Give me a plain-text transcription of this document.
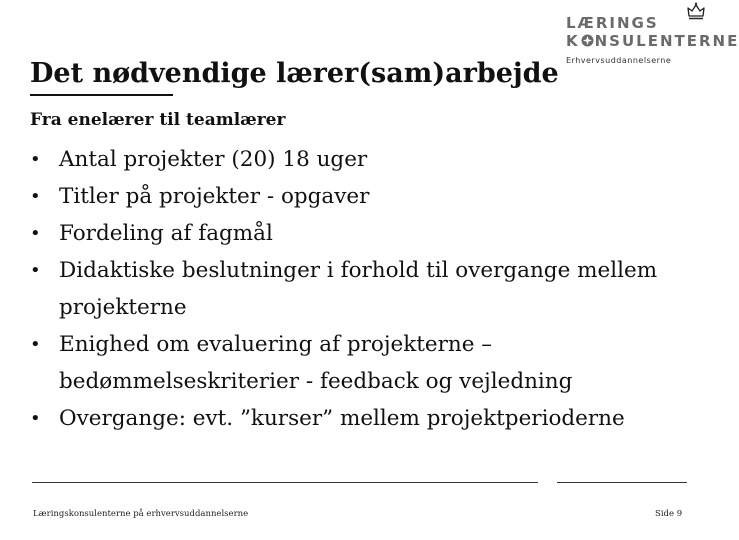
LÆRINGS
K NSULENTERNE
Erhvervsuddannelserne
Det nødvendige lærer(sam)arbejde
Fra enelærer til teamlærer
• Antal projekter (20) 18 uger
• Titler på projekter - opgaver
• Fordeling af fagmål
• Didaktiske beslutninger i forhold til overgange mellem projekterne
• Enighed om evaluering af projekterne – bedømmelseskriterier - feedback og vejledning
• Overgange: evt. ”kurser” mellem projektperioderne
Læringskonsulenterne på erhvervsuddannelserne	Side 9
